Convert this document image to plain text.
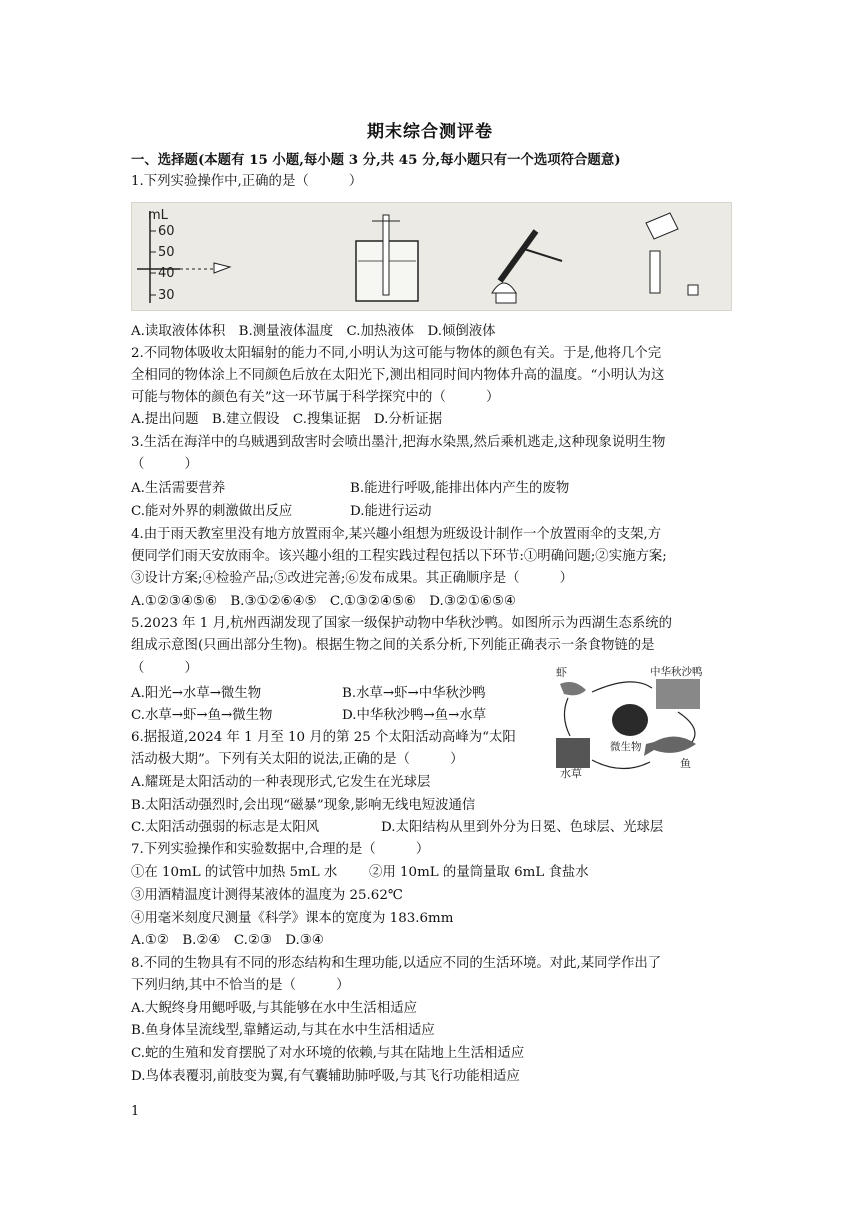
期末综合测评卷
一、选择题(本题有 15 小题,每小题 3 分,共 45 分,每小题只有一个选项符合题意)
1.下列实验操作中,正确的是（　　　）
mL
60
50
40
30
A.读取液体体积　B.测量液体温度　C.加热液体　D.倾倒液体
2.不同物体吸收太阳辐射的能力不同,小明认为这可能与物体的颜色有关。于是,他将几个完
全相同的物体涂上不同颜色后放在太阳光下,测出相同时间内物体升高的温度。“小明认为这
可能与物体的颜色有关”这一环节属于科学探究中的（　　　）
A.提出问题　B.建立假设　C.搜集证据　D.分析证据
3.生活在海洋中的乌贼遇到敌害时会喷出墨汁,把海水染黑,然后乘机逃走,这种现象说明生物
（　　　）
A.生活需要营养	B.能进行呼吸,能排出体内产生的废物
C.能对外界的刺激做出反应	D.能进行运动
4.由于雨天教室里没有地方放置雨伞,某兴趣小组想为班级设计制作一个放置雨伞的支架,方
便同学们雨天安放雨伞。该兴趣小组的工程实践过程包括以下环节:①明确问题;②实施方案;
③设计方案;④检验产品;⑤改进完善;⑥发布成果。其正确顺序是（　　　）
A.①②③④⑤⑥　B.③①②⑥④⑤　C.①③②④⑤⑥　D.③②①⑥⑤④
5.2023 年 1 月,杭州西湖发现了国家一级保护动物中华秋沙鸭。如图所示为西湖生态系统的
组成示意图(只画出部分生物)。根据生物之间的关系分析,下列能正确表示一条食物链的是
（　　　）
A.阳光→水草→微生物	B.水草→虾→中华秋沙鸭
C.水草→虾→鱼→微生物	D.中华秋沙鸭→鱼→水草
虾	中华秋沙鸭
微生物
水草
鱼
6.据报道,2024 年 1 月至 10 月的第 25 个太阳活动高峰为“太阳
活动极大期”。下列有关太阳的说法,正确的是（　　　）
A.耀斑是太阳活动的一种表现形式,它发生在光球层
B.太阳活动强烈时,会出现“磁暴”现象,影响无线电短波通信
C.太阳活动强弱的标志是太阳风	D.太阳结构从里到外分为日冕、色球层、光球层
7.下列实验操作和实验数据中,合理的是（　　　）
①在 10mL 的试管中加热 5mL 水 ②用 10mL 的量筒量取 6mL 食盐水
③用酒精温度计测得某液体的温度为 25.62℃
④用毫米刻度尺测量《科学》课本的宽度为 183.6mm
A.①②　B.②④　C.②③　D.③④
8.不同的生物具有不同的形态结构和生理功能,以适应不同的生活环境。对此,某同学作出了
下列归纳,其中不恰当的是（　　　）
A.大鲵终身用鳃呼吸,与其能够在水中生活相适应
B.鱼身体呈流线型,靠鳍运动,与其在水中生活相适应
C.蛇的生殖和发育摆脱了对水环境的依赖,与其在陆地上生活相适应
D.鸟体表覆羽,前肢变为翼,有气囊辅助肺呼吸,与其飞行功能相适应
1
